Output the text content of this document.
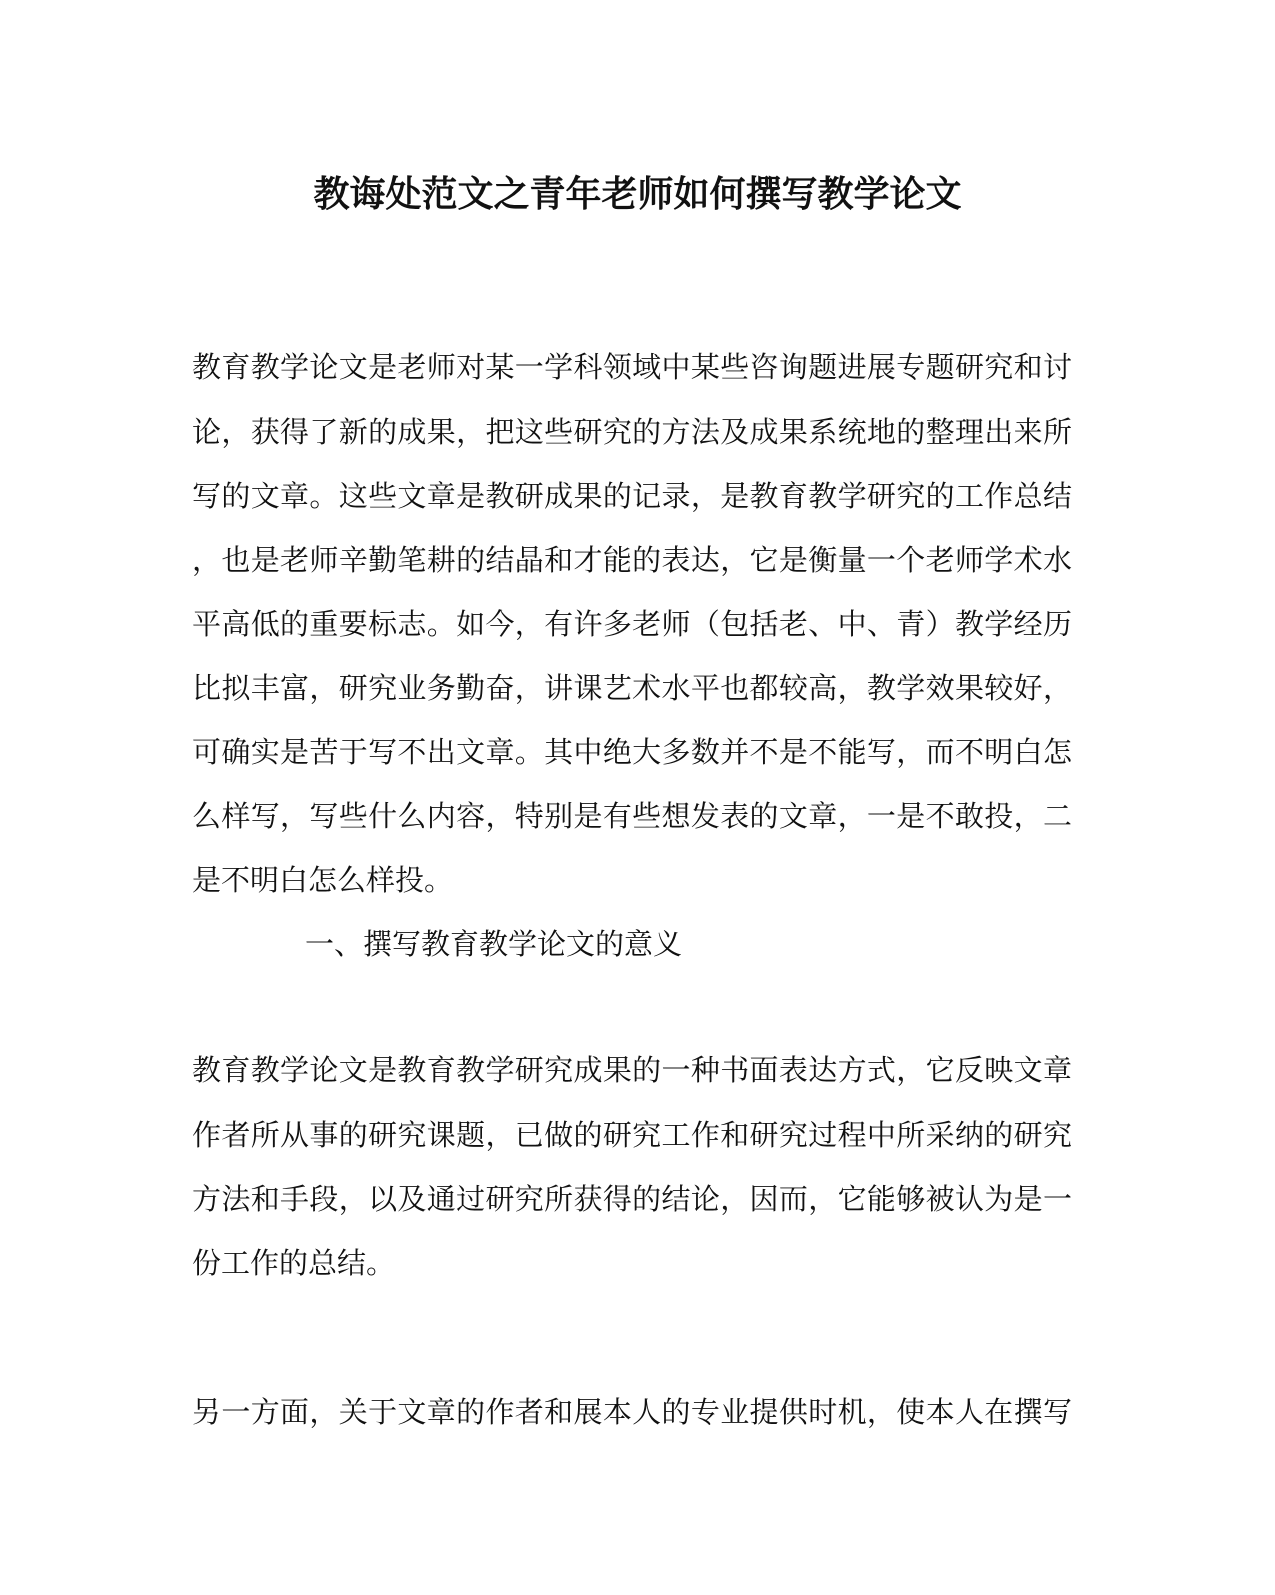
教诲处范文之青年老师如何撰写教学论文

教育教学论文是老师对某一学科领域中某些咨询题进展专题研究和讨

论，获得了新的成果，把这些研究的方法及成果系统地的整理出来所

写的文章。这些文章是教研成果的记录，是教育教学研究的工作总结

，也是老师辛勤笔耕的结晶和才能的表达，它是衡量一个老师学术水

平高低的重要标志。如今，有许多老师（包括老、中、青）教学经历

比拟丰富，研究业务勤奋，讲课艺术水平也都较高，教学效果较好，

可确实是苦于写不出文章。其中绝大多数并不是不能写，而不明白怎

么样写，写些什么内容，特别是有些想发表的文章，一是不敢投，二

是不明白怎么样投。

一、撰写教育教学论文的意义

教育教学论文是教育教学研究成果的一种书面表达方式，它反映文章

作者所从事的研究课题，已做的研究工作和研究过程中所采纳的研究

方法和手段，以及通过研究所获得的结论，因而，它能够被认为是一

份工作的总结。

另一方面，关于文章的作者和展本人的专业提供时机，使本人在撰写
